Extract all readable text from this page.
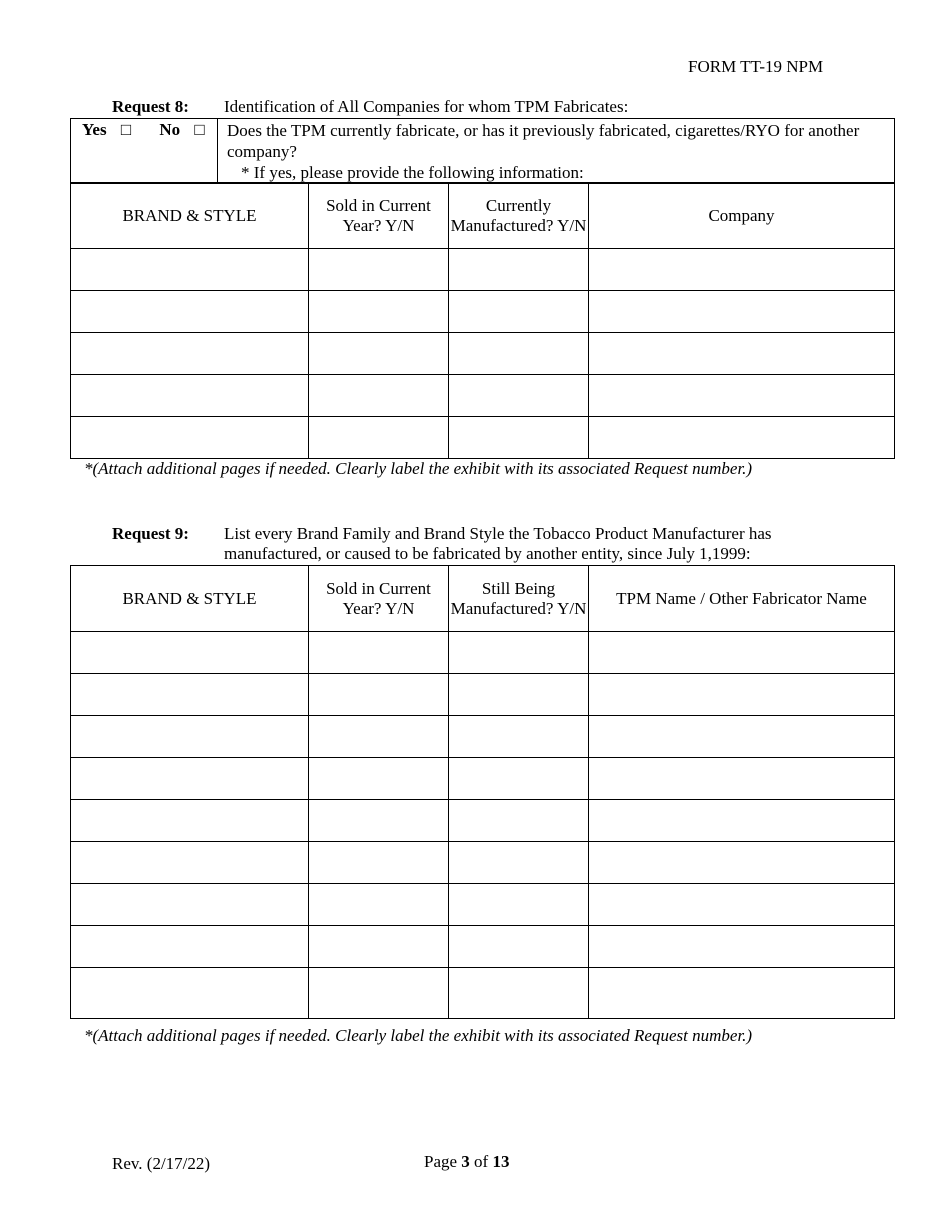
FORM TT-19 NPM
Request 8: Identification of All Companies for whom TPM Fabricates:
Yes □ No □	Does the TPM currently fabricate, or has it previously fabricated, cigarettes/RYO for another company?
* If yes, please provide the following information:
BRAND & STYLE	Sold in Current Year? Y/N	Currently Manufactured? Y/N	Company

*(Attach additional pages if needed. Clearly label the exhibit with its associated Request number.)
Request 9: List every Brand Family and Brand Style the Tobacco Product Manufacturer has manufactured, or caused to be fabricated by another entity, since July 1,1999:
BRAND & STYLE	Sold in Current Year? Y/N	Still Being Manufactured? Y/N	TPM Name / Other Fabricator Name

*(Attach additional pages if needed. Clearly label the exhibit with its associated Request number.)
Rev. (2/17/22)	Page 3 of 13
